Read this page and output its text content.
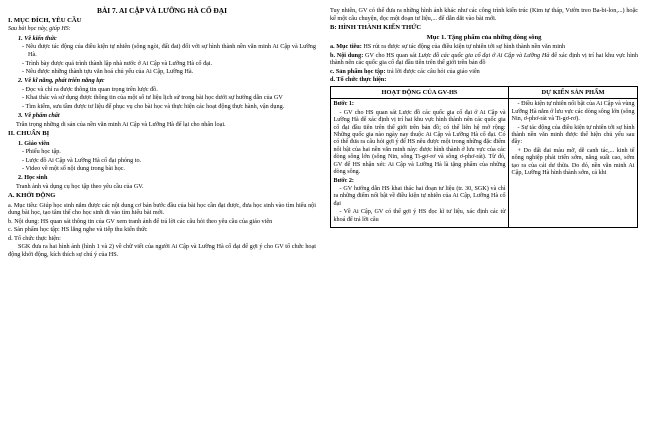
BÀI 7. AI CẬP VÀ LƯỠNG HÀ CỔ ĐẠI
I. MỤC ĐÍCH, YÊU CẦU
Sau bài học này, giúp HS:
1. Về kiến thức
- Nêu được tác động của điều kiện tự nhiên (sông ngòi, đất đai) đối với sự hình thành nền văn minh Ai Cập và Lưỡng Hà.
- Trình bày được quá trình thành lập nhà nước ở Ai Cập và Lưỡng Hà cổ đại.
- Nêu được những thành tựu văn hoá chủ yếu của Ai Cập, Lưỡng Hà.
2. Về kĩ năng, phát triển năng lực
- Đọc và chỉ ra được thông tin quan trọng trên lược đồ.
- Khai thác và sử dụng được thông tin của một số tư liệu lịch sử trong bài học dưới sự hướng dẫn của GV
- Tìm kiếm, sưu tầm được tư liệu để phục vụ cho bài học và thực hiện các hoạt động thực hành, vận dụng.
3. Về phẩm chất
Trân trọng những di sản của nền văn minh Ai Cập và Lưỡng Hà để lại cho nhân loại.
II. CHUẨN BỊ
1. Giáo viên
- Phiếu học tập.
- Lược đồ Ai Cập và Lưỡng Hà cổ đại phóng to.
- Video về một số nội dung trong bài học.
2. Học sinh
Tranh ảnh và dụng cụ học tập theo yêu cầu của GV.
A. KHỞI ĐỘNG
a. Mục tiêu: Giúp học sinh nắm được các nội dung cơ bản bước đầu của bài học cần đạt được, đưa học sinh vào tìm hiểu nội dung bài học, tạo tâm thế cho học sinh đi vào tìm hiểu bài mới.
b. Nội dung: HS quan sát thông tin của GV xem tranh ảnh để trả lời các câu hỏi theo yêu cầu của giáo viên
c. Sản phẩm học tập: HS lắng nghe và tiếp thu kiến thức
d. Tổ chức thực hiện:
SGK đưa ra hai hình ảnh (hình 1 và 2) về chữ viết của người Ai Cập và Lưỡng Hà cổ đại để gợi ý cho GV tổ chức hoạt động khởi động, kích thích sự chú ý của HS.
Tuy nhiên, GV có thể đưa ra những hình ảnh khác như các công trình kiến trúc (Kim tự tháp, Vườn treo Ba-bi-lon,...) hoặc kể một câu chuyện, đọc một đoạn tư liệu,... để dẫn dắt vào bài mới.
B: HÌNH THÀNH KIẾN THỨC
Mục 1. Tặng phẩm của những dòng sông
a. Mục tiêu: HS rút ra được sự tác động của điều kiện tự nhiên tới sự hình thành nền văn minh
b. Nội dung: GV cho HS quan sát Lược đồ các quốc gia cổ đại ở Ai Cập và Lưỡng Hà để xác định vị trí hai khu vực hình thành nên các quốc gia cổ đại đầu tiên trên thế giới trên bản đồ
c. Sản phẩm học tập: trả lời được các câu hỏi của giáo viên
d. Tổ chức thực hiện:
HOẠT ĐỘNG CỦA GV-HS	DỰ KIẾN SẢN PHẨM

Bước 1:
- GV cho HS quan sát Lược đồ các quốc gia cổ đại ở Ai Cập và Lưỡng Hà để xác định vị trí hai khu vực hình thành nên các quốc gia cổ đại đầu tiên trên thế giới trên bản đồ; có thể liên hệ mở rộng: Những quốc gia nào ngày nay thuộc Ai Cập và Lưỡng Hà cổ đại. Có có thể đưa ra câu hỏi gợi ý để HS nêu được một trong những đặc điểm nổi bật của hai nền văn minh này: được hình thành ở lưu vực của các dòng sông lớn (sông Nin, sông Ti-gơ-rơ và sông ơ-phơ-rát). Từ đó, GV để HS nhận xét: Ai Cập và Lưỡng Hà là tặng phẩm của những dòng sông.
Bước 2:
- GV hướng dẫn HS khai thác hai đoạn tư liệu (tr. 30, SGK) và chỉ ra những điểm nổi bật về điều kiện tự nhiên của Ai Cập, Lưỡng Hà cổ đại
- Về Ai Cập, GV có thể gợi ý HS đọc kĩ tư liệu, xác định các từ khoá để trả lời câu

- Điều kiện tự nhiên nổi bật của Ai Cập và vùng Lưỡng Hà nằm ở lưu vực các dòng sông lớn (sông Nin, ơ-phơ-rát và Ti-gơ-rơ).
- Sự tác động của điều kiện tự nhiên tới sự hình thành nền văn minh được thể hiện chủ yếu sau đây:
+ Do đất đai màu mỡ, dễ canh tác,... kinh tế nông nghiệp phát triển sớm, năng suất cao, sớm tạo ra của cải dư thừa. Do đó, nền văn minh Ai Cập, Lưỡng Hà hình thành sớm, cả khi
